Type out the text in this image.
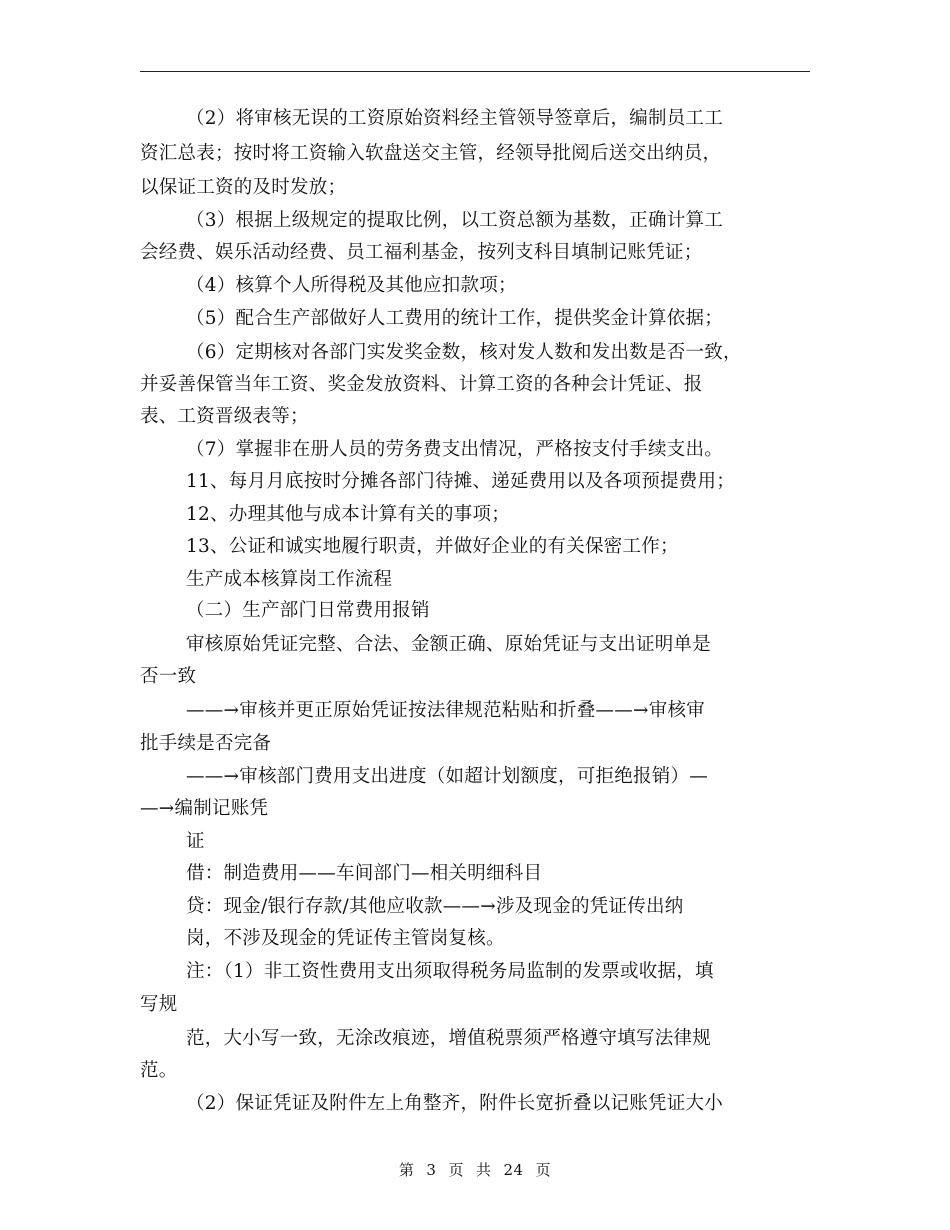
（2）将审核无误的工资原始资料经主管领导签章后，编制员工工
资汇总表；按时将工资输入软盘送交主管，经领导批阅后送交出纳员，
以保证工资的及时发放；
（3）根据上级规定的提取比例，以工资总额为基数，正确计算工
会经费、娱乐活动经费、员工福利基金，按列支科目填制记账凭证；
（4）核算个人所得税及其他应扣款项；
（5）配合生产部做好人工费用的统计工作，提供奖金计算依据；
（6）定期核对各部门实发奖金数，核对发人数和发出数是否一致，
并妥善保管当年工资、奖金发放资料、计算工资的各种会计凭证、报
表、工资晋级表等；
（7）掌握非在册人员的劳务费支出情况，严格按支付手续支出。
11、每月月底按时分摊各部门待摊、递延费用以及各项预提费用；
12、办理其他与成本计算有关的事项；
13、公证和诚实地履行职责，并做好企业的有关保密工作；
生产成本核算岗工作流程
（二）生产部门日常费用报销
审核原始凭证完整、合法、金额正确、原始凭证与支出证明单是
否一致
——→审核并更正原始凭证按法律规范粘贴和折叠——→审核审
批手续是否完备
——→审核部门费用支出进度（如超计划额度，可拒绝报销）—
—→编制记账凭
证
借：制造费用——车间部门—相关明细科目
贷：现金/银行存款/其他应收款——→涉及现金的凭证传出纳
岗，不涉及现金的凭证传主管岗复核。
注：（1）非工资性费用支出须取得税务局监制的发票或收据，填
写规
范，大小写一致，无涂改痕迹，增值税票须严格遵守填写法律规
范。
（2）保证凭证及附件左上角整齐，附件长宽折叠以记账凭证大小
第 3 页 共 24 页
